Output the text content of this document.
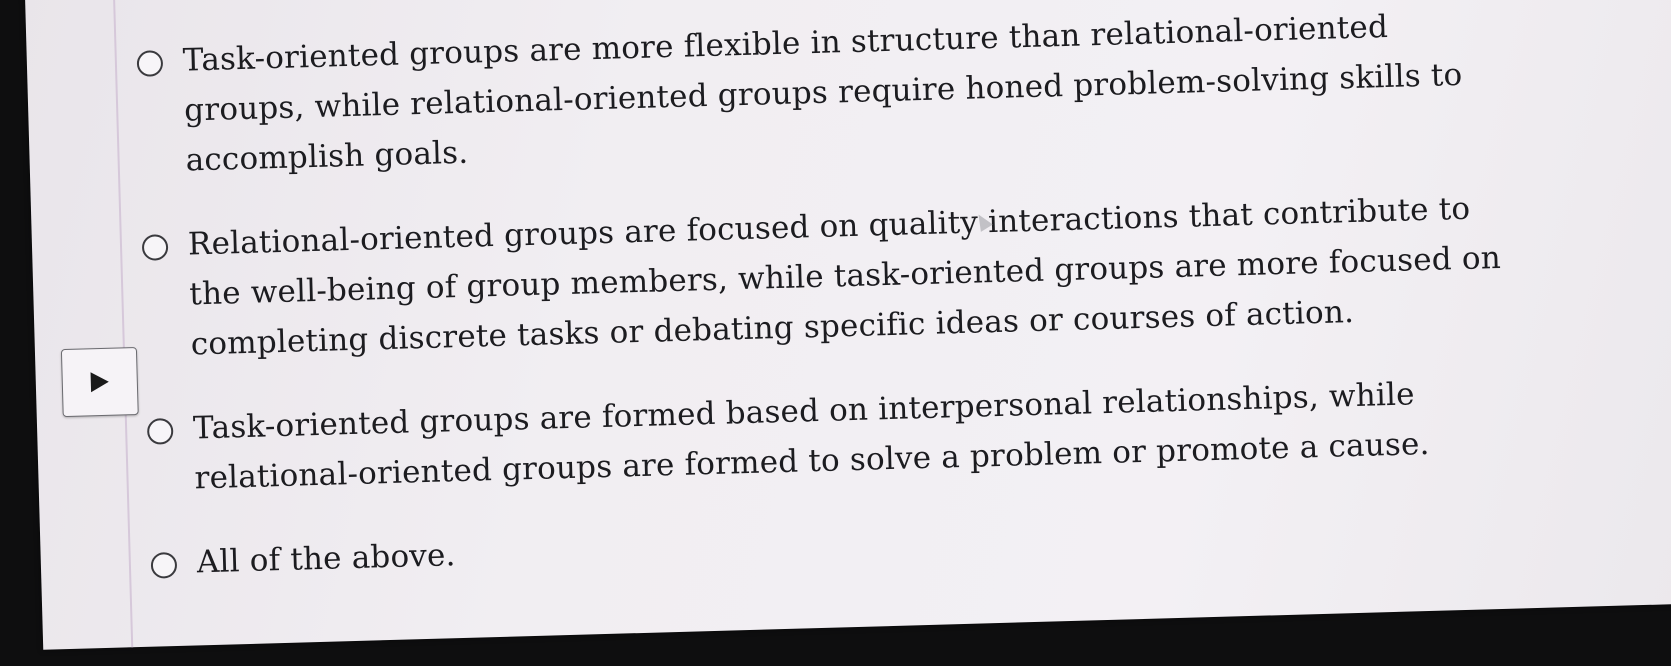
Task-oriented groups are more flexible in structure than relational-oriented groups, while relational-oriented groups require honed problem-solving skills to accomplish goals.
Relational-oriented groups are focused on quality interactions that contribute to the well-being of group members, while task-oriented groups are more focused on completing discrete tasks or debating specific ideas or courses of action.
Task-oriented groups are formed based on interpersonal relationships, while relational-oriented groups are formed to solve a problem or promote a cause.
All of the above.
